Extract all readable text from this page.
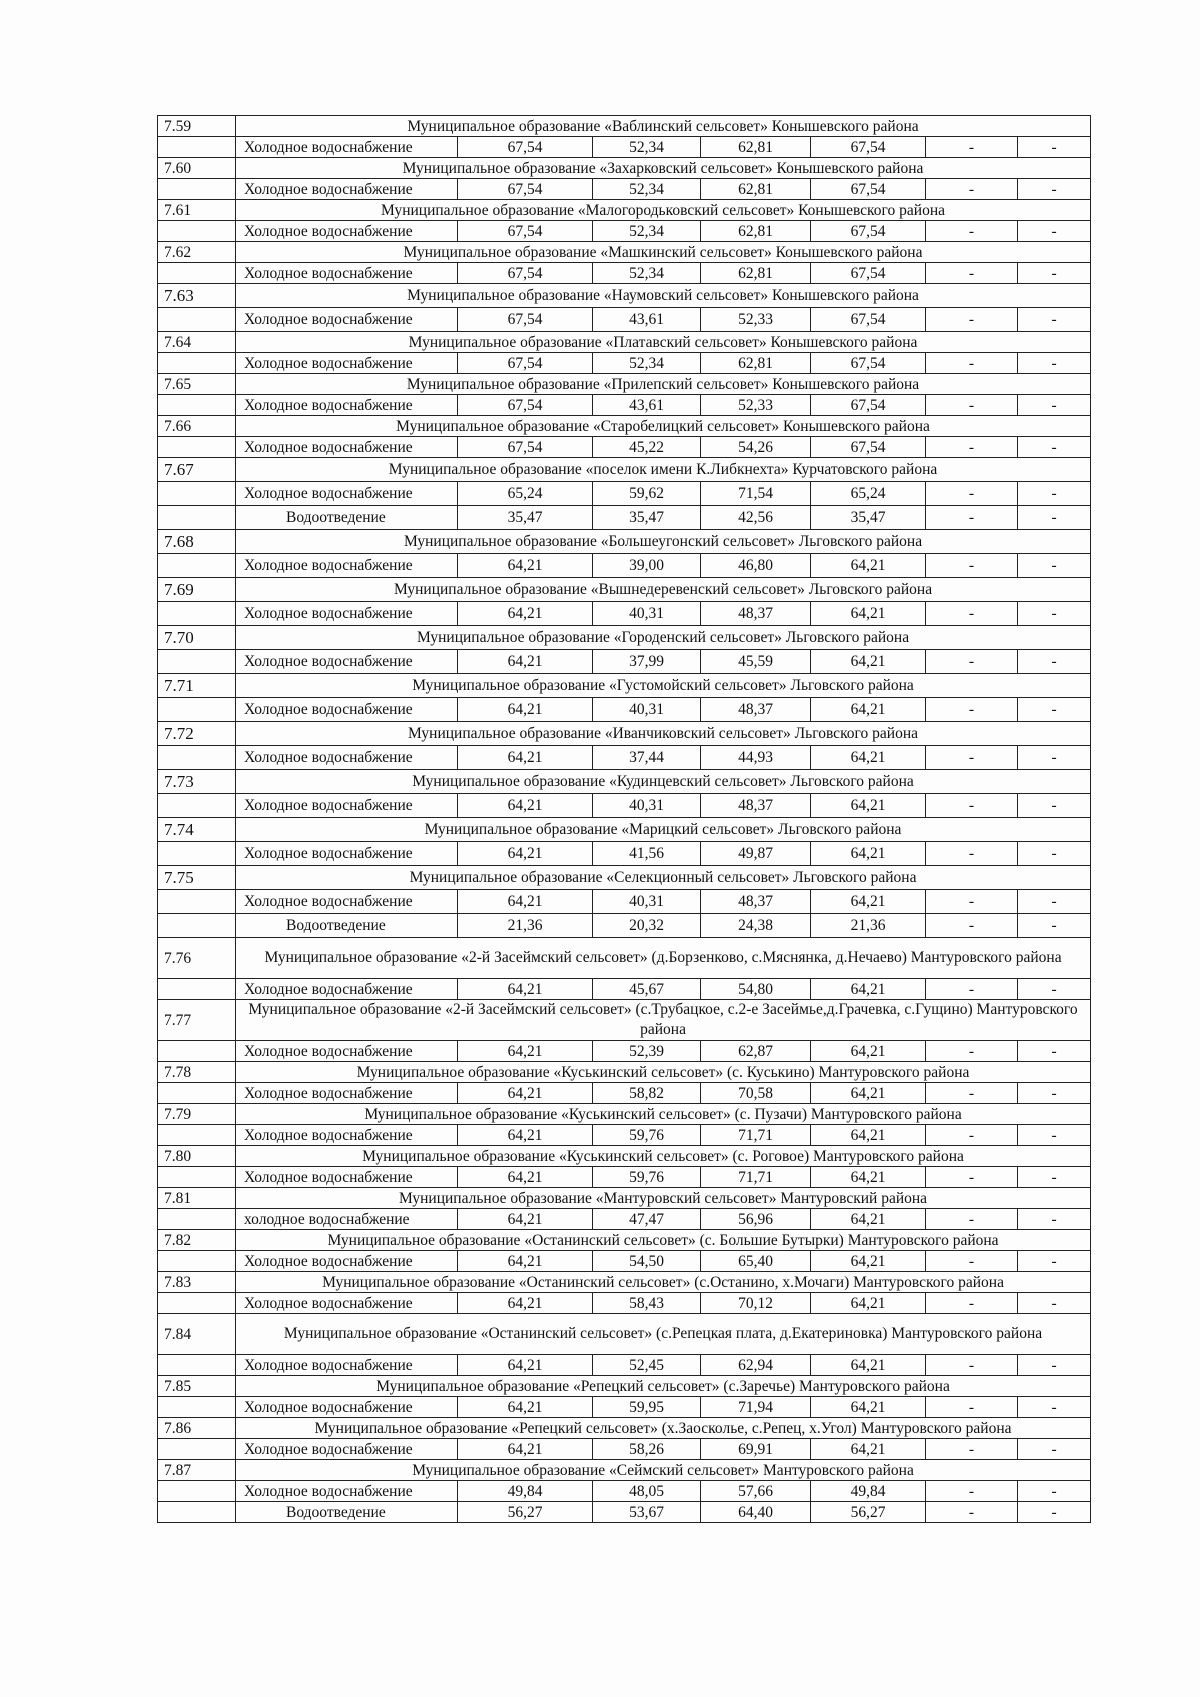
7.59	Муниципальное образование «Ваблинский сельсовет» Конышевского района						
	Холодное водоснабжение	67,54	52,34	62,81	67,54	-	-
7.60	Муниципальное образование «Захарковский сельсовет» Конышевского района						
	Холодное водоснабжение	67,54	52,34	62,81	67,54	-	-
7.61	Муниципальное образование «Малогородьковский сельсовет» Конышевского района						
	Холодное водоснабжение	67,54	52,34	62,81	67,54	-	-
7.62	Муниципальное образование «Машкинский сельсовет» Конышевского района						
	Холодное водоснабжение	67,54	52,34	62,81	67,54	-	-
7.63	Муниципальное образование «Наумовский сельсовет» Конышевского района						
	Холодное водоснабжение	67,54	43,61	52,33	67,54	-	-
7.64	Муниципальное образование «Платавский сельсовет» Конышевского района						
	Холодное водоснабжение	67,54	52,34	62,81	67,54	-	-
7.65	Муниципальное образование «Прилепский сельсовет» Конышевского района						
	Холодное водоснабжение	67,54	43,61	52,33	67,54	-	-
7.66	Муниципальное образование «Старобелицкий сельсовет» Конышевского района						
	Холодное водоснабжение	67,54	45,22	54,26	67,54	-	-
7.67	Муниципальное образование «поселок имени К.Либкнехта» Курчатовского района						
	Холодное водоснабжение	65,24	59,62	71,54	65,24	-	-
	Водоотведение	35,47	35,47	42,56	35,47	-	-
7.68	Муниципальное образование «Большеугонский сельсовет» Льговского района						
	Холодное водоснабжение	64,21	39,00	46,80	64,21	-	-
7.69	Муниципальное образование «Вышнедеревенский сельсовет» Льговского района						
	Холодное водоснабжение	64,21	40,31	48,37	64,21	-	-
7.70	Муниципальное образование «Городенский сельсовет» Льговского района						
	Холодное водоснабжение	64,21	37,99	45,59	64,21	-	-
7.71	Муниципальное образование «Густомойский сельсовет» Льговского района						
	Холодное водоснабжение	64,21	40,31	48,37	64,21	-	-
7.72	Муниципальное образование «Иванчиковский сельсовет» Льговского района						
	Холодное водоснабжение	64,21	37,44	44,93	64,21	-	-
7.73	Муниципальное образование «Кудинцевский сельсовет» Льговского района						
	Холодное водоснабжение	64,21	40,31	48,37	64,21	-	-
7.74	Муниципальное образование «Марицкий сельсовет» Льговского района						
	Холодное водоснабжение	64,21	41,56	49,87	64,21	-	-
7.75	Муниципальное образование «Селекционный сельсовет» Льговского района						
	Холодное водоснабжение	64,21	40,31	48,37	64,21	-	-
	Водоотведение	21,36	20,32	24,38	21,36	-	-
7.76	Муниципальное образование «2-й Засеймский сельсовет» (д.Борзенково, с.Мяснянка, д.Нечаево) Мантуровского района						
	Холодное водоснабжение	64,21	45,67	54,80	64,21	-	-
7.77	Муниципальное образование «2-й Засеймский сельсовет» (с.Трубацкое, с.2-е Засеймье,д.Грачевка, с.Гущино) Мантуровского района						
	Холодное водоснабжение	64,21	52,39	62,87	64,21	-	-
7.78	Муниципальное образование «Куськинский сельсовет» (с. Куськино) Мантуровского района						
	Холодное водоснабжение	64,21	58,82	70,58	64,21	-	-
7.79	Муниципальное образование «Куськинский сельсовет» (с. Пузачи) Мантуровского района						
	Холодное водоснабжение	64,21	59,76	71,71	64,21	-	-
7.80	Муниципальное образование «Куськинский сельсовет» (с. Роговое) Мантуровского района						
	Холодное водоснабжение	64,21	59,76	71,71	64,21	-	-
7.81	Муниципальное образование «Мантуровский сельсовет» Мантуровский района						
	холодное водоснабжение	64,21	47,47	56,96	64,21	-	-
7.82	Муниципальное образование «Останинский сельсовет» (с. Большие Бутырки) Мантуровского района						
	Холодное водоснабжение	64,21	54,50	65,40	64,21	-	-
7.83	Муниципальное образование «Останинский сельсовет» (с.Останино, х.Мочаги) Мантуровского района						
	Холодное водоснабжение	64,21	58,43	70,12	64,21	-	-
7.84	Муниципальное образование «Останинский сельсовет» (с.Репецкая плата, д.Екатериновка) Мантуровского района						
	Холодное водоснабжение	64,21	52,45	62,94	64,21	-	-
7.85	Муниципальное образование «Репецкий сельсовет» (с.Заречье) Мантуровского района						
	Холодное водоснабжение	64,21	59,95	71,94	64,21	-	-
7.86	Муниципальное образование «Репецкий сельсовет» (х.Заосколье, с.Репец, х.Угол) Мантуровского района						
	Холодное водоснабжение	64,21	58,26	69,91	64,21	-	-
7.87	Муниципальное образование «Сеймский сельсовет» Мантуровского района						
	Холодное водоснабжение	49,84	48,05	57,66	49,84	-	-
	Водоотведение	56,27	53,67	64,40	56,27	-	-
